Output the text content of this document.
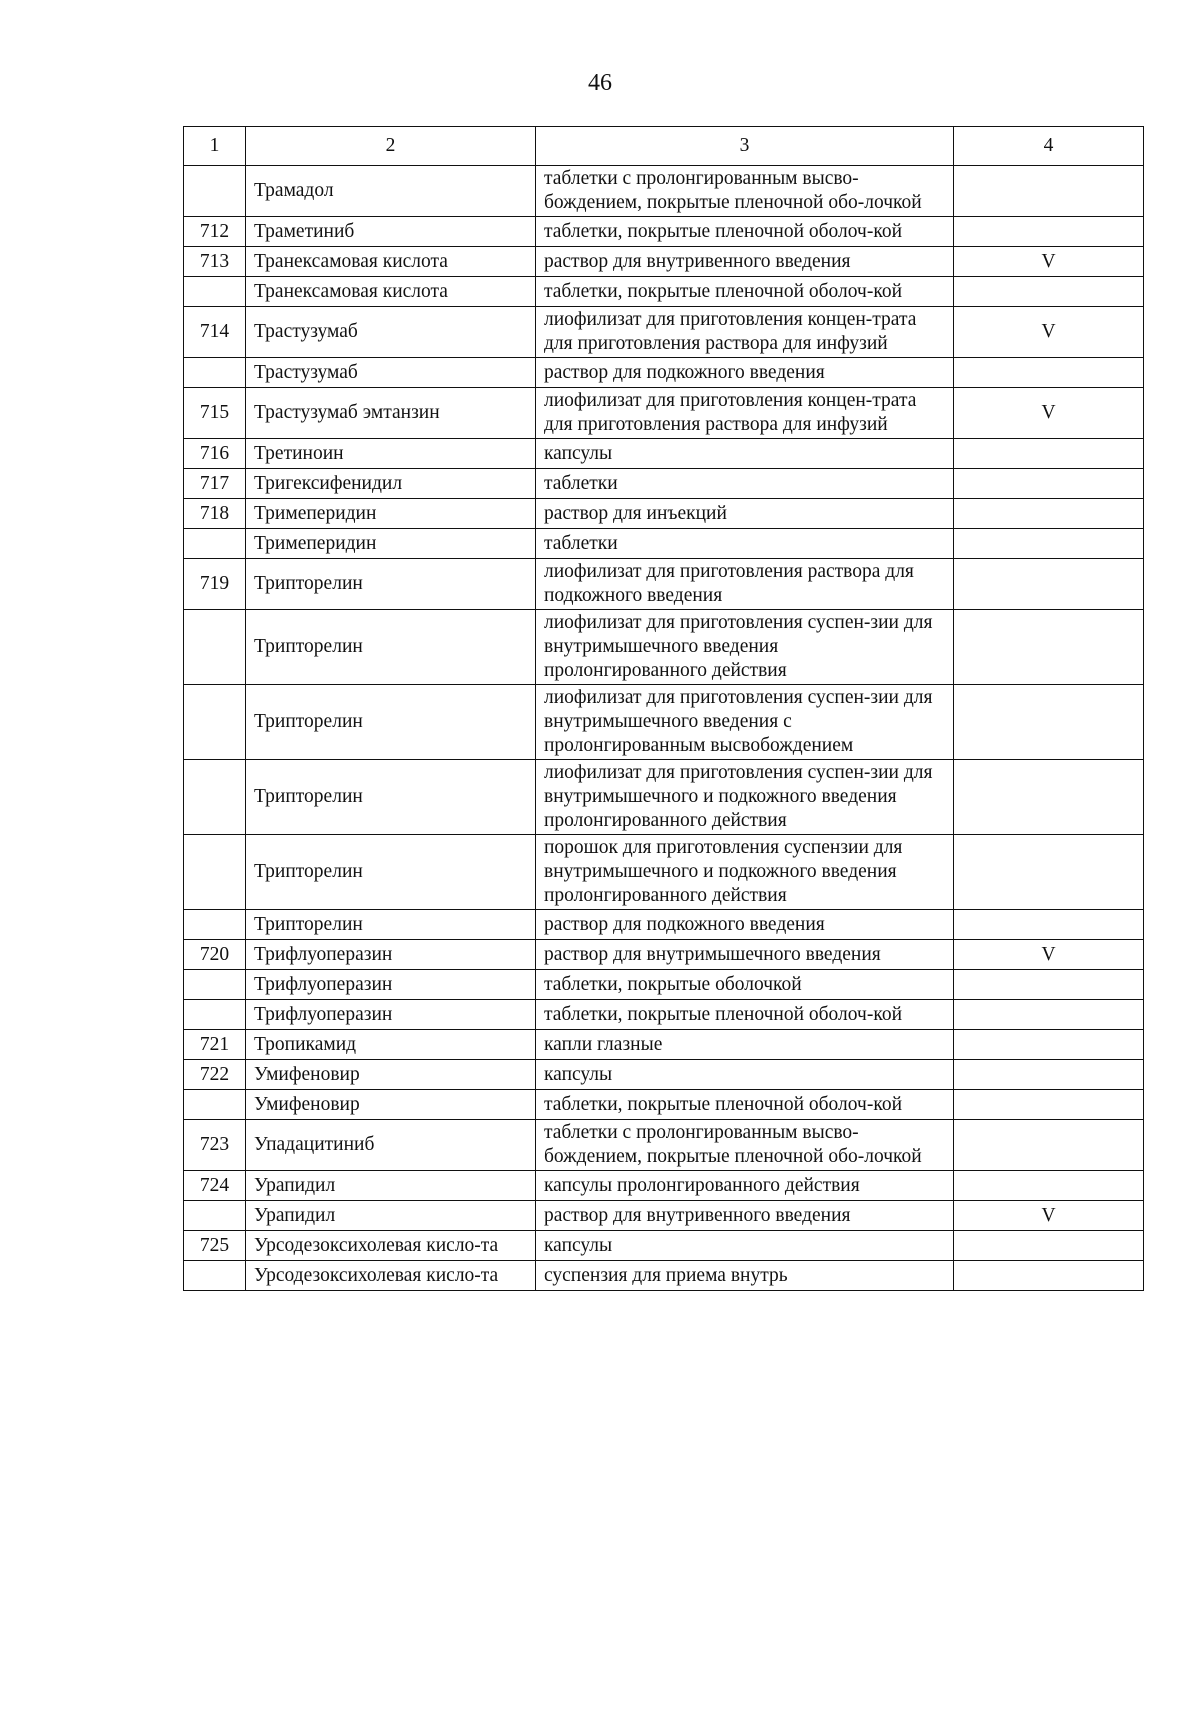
46
1	2	3	4
	Трамадол	таблетки с пролонгированным высво-бождением, покрытые пленочной обо-лочкой	
712	Траметиниб	таблетки, покрытые пленочной оболоч-кой	
713	Транексамовая кислота	раствор для внутривенного введения	V
	Транексамовая кислота	таблетки, покрытые пленочной оболоч-кой	
714	Трастузумаб	лиофилизат для приготовления концен-трата для приготовления раствора для инфузий	V
	Трастузумаб	раствор для подкожного введения	
715	Трастузумаб эмтанзин	лиофилизат для приготовления концен-трата для приготовления раствора для инфузий	V
716	Третиноин	капсулы	
717	Тригексифенидил	таблетки	
718	Тримеперидин	раствор для инъекций	
	Тримеперидин	таблетки	
719	Трипторелин	лиофилизат для приготовления раствора для подкожного введения	
	Трипторелин	лиофилизат для приготовления суспен-зии для внутримышечного введения пролонгированного действия	
	Трипторелин	лиофилизат для приготовления суспен-зии для внутримышечного введения с пролонгированным высвобождением	
	Трипторелин	лиофилизат для приготовления суспен-зии для внутримышечного и подкожного введения пролонгированного действия	
	Трипторелин	порошок для приготовления суспензии для внутримышечного и подкожного введения пролонгированного действия	
	Трипторелин	раствор для подкожного введения	
720	Трифлуоперазин	раствор для внутримышечного введения	V
	Трифлуоперазин	таблетки, покрытые оболочкой	
	Трифлуоперазин	таблетки, покрытые пленочной оболоч-кой	
721	Тропикамид	капли глазные	
722	Умифеновир	капсулы	
	Умифеновир	таблетки, покрытые пленочной оболоч-кой	
723	Упадацитиниб	таблетки с пролонгированным высво-бождением, покрытые пленочной обо-лочкой	
724	Урапидил	капсулы пролонгированного действия	
	Урапидил	раствор для внутривенного введения	V
725	Урсодезоксихолевая кисло-та	капсулы	
	Урсодезоксихолевая кисло-та	суспензия для приема внутрь	
